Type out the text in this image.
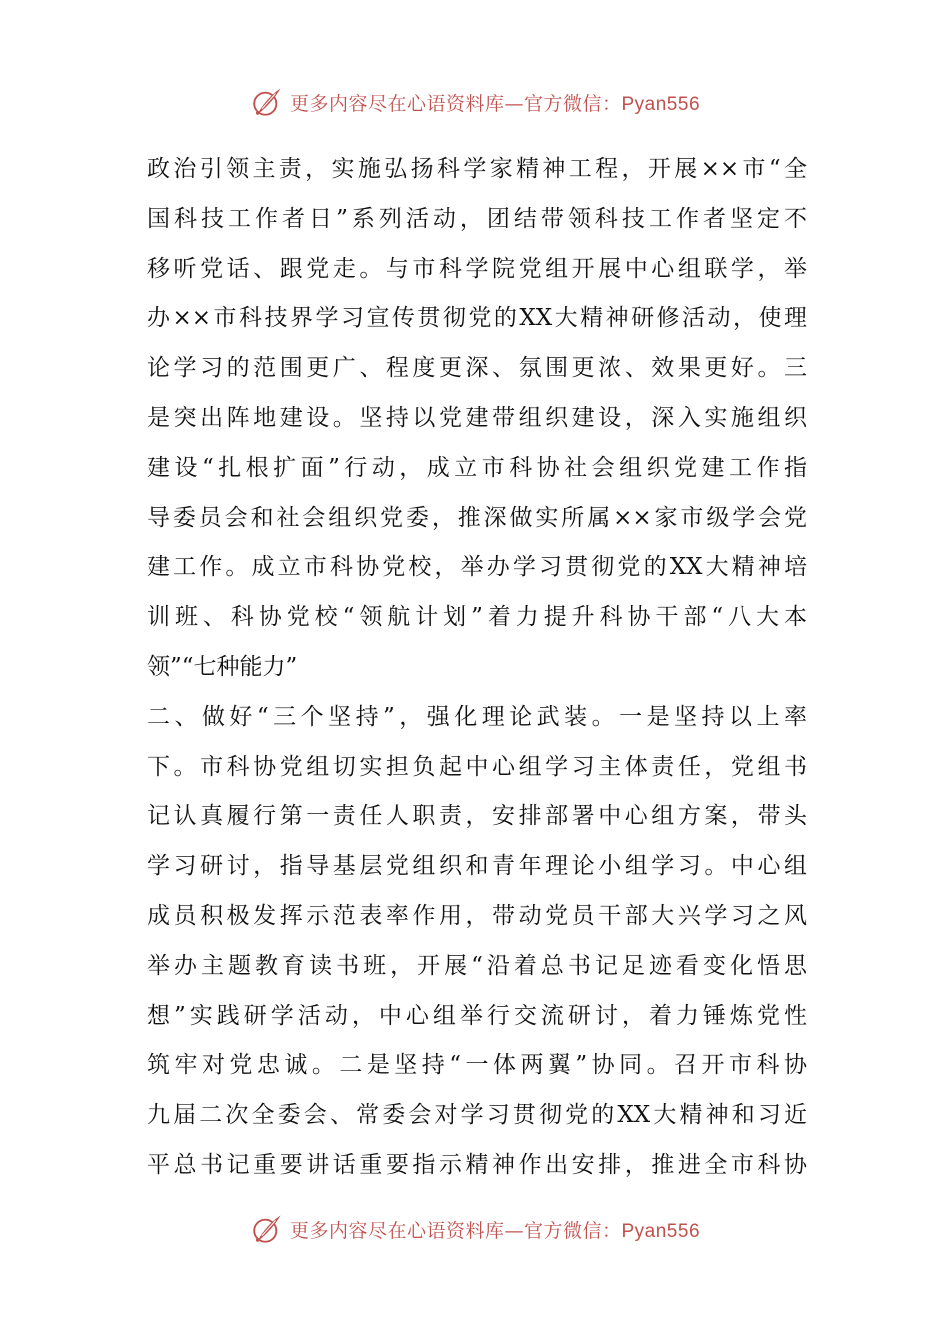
更多内容尽在心语资料库—官方微信：Pyan556
政治引领主责，实施弘扬科学家精神工程，开展××市“全
国科技工作者日”系列活动，团结带领科技工作者坚定不
移听党话、跟党走。与市科学院党组开展中心组联学，举
办××市科技界学习宣传贯彻党的XX大精神研修活动，使理
论学习的范围更广、程度更深、氛围更浓、效果更好。三
是突出阵地建设。坚持以党建带组织建设，深入实施组织
建设“扎根扩面”行动，成立市科协社会组织党建工作指
导委员会和社会组织党委，推深做实所属××家市级学会党
建工作。成立市科协党校，举办学习贯彻党的XX大精神培
训班、科协党校“领航计划”着力提升科协干部“八大本
领”“七种能力”
二、做好“三个坚持”，强化理论武装。一是坚持以上率
下。市科协党组切实担负起中心组学习主体责任，党组书
记认真履行第一责任人职责，安排部署中心组方案，带头
学习研讨，指导基层党组织和青年理论小组学习。中心组
成员积极发挥示范表率作用，带动党员干部大兴学习之风
举办主题教育读书班，开展“沿着总书记足迹看变化悟思
想”实践研学活动，中心组举行交流研讨，着力锤炼党性
筑牢对党忠诚。二是坚持“一体两翼”协同。召开市科协
九届二次全委会、常委会对学习贯彻党的XX大精神和习近
平总书记重要讲话重要指示精神作出安排，推进全市科协
更多内容尽在心语资料库—官方微信：Pyan556
